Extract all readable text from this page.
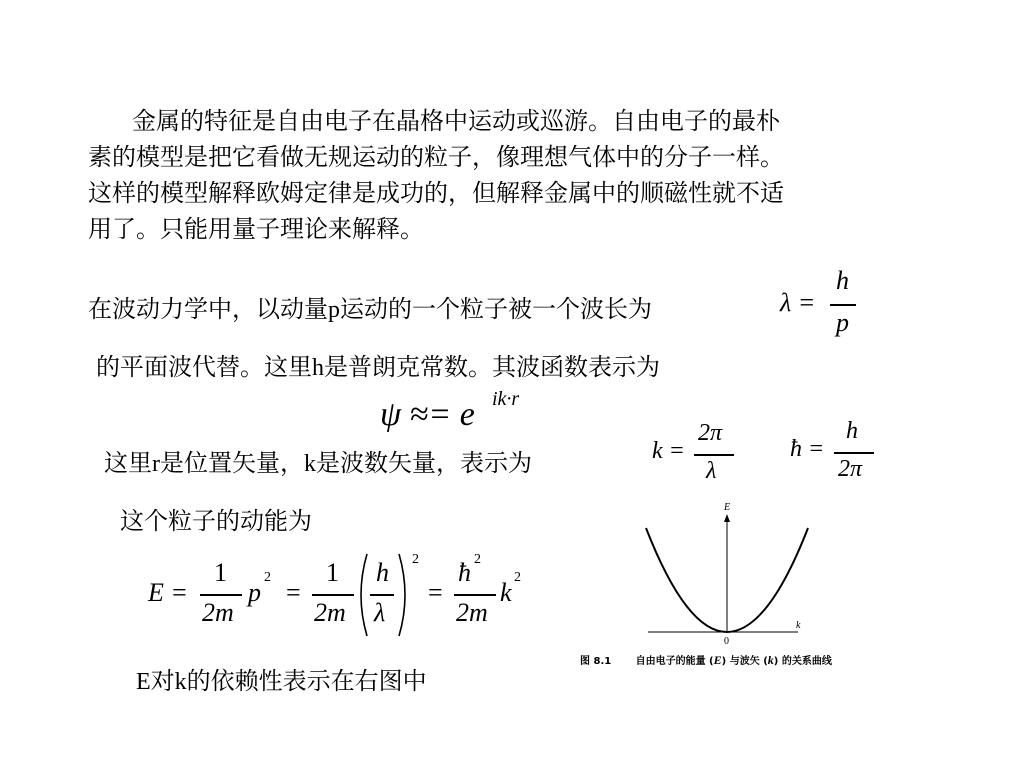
金属的特征是自由电子在晶格中运动或巡游。自由电子的最朴
素的模型是把它看做无规运动的粒子，像理想气体中的分子一样。
这样的模型解释欧姆定律是成功的，但解释金属中的顺磁性就不适
用了。只能用量子理论来解释。
在波动力学中，以动量p运动的一个粒子被一个波长为	λ =
h
p
的平面波代替。这里h是普朗克常数。其波函数表示为
ψ ≈= e ik·r
这里r是位置矢量，k是波数矢量，表示为	k =
2π
λ
ħ =
h
2π
这个粒子的动能为
E =
1
2m
p
2
=
1
2m
h
λ
2
=
ħ 2
2m
k
2
E对k的依赖性表示在右图中
E
k
0
图 8.1 自由电子的能量 (E) 与波矢 (k) 的关系曲线
